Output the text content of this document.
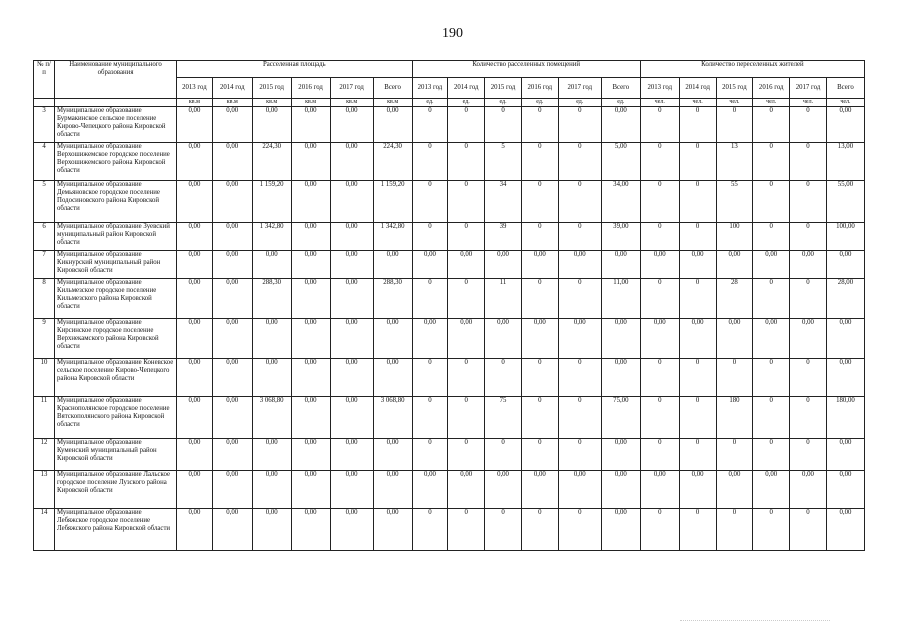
190
№ п/п	Наименование муниципального образования	Расселенная площадь						Количество расселенных помещений						Количество переселенных жителей					
		2013 год	2014 год	2015 год	2016 год	2017 год	Всего	2013 год	2014 год	2015 год	2016 год	2017 год	Всего	2013 год	2014 год	2015 год	2016 год	2017 год	Всего
		кв.м	кв.м	кв.м	кв.м	кв.м	кв.м	ед.	ед.	ед.	ед.	ед.	ед.	чел.	чел.	чел.	чел.	чел.	чел.
3	Муниципальное образование Бурмакинское сельское поселение Кирово-Чепецкого района Кировской области	0,00	0,00	0,00	0,00	0,00	0,00	0	0	0	0	0	0,00	0	0	0	0	0	0,00
4	Муниципальное образование Верхошижемское городское поселение Верхошижемского района Кировской области	0,00	0,00	224,30	0,00	0,00	224,30	0	0	5	0	0	5,00	0	0	13	0	0	13,00
5	Муниципальное образование Демьяновское городское поселение Подосиновского района Кировской области	0,00	0,00	1 159,20	0,00	0,00	1 159,20	0	0	34	0	0	34,00	0	0	55	0	0	55,00
6	Муниципальное образование Зуевский муниципальный район Кировской области	0,00	0,00	1 342,80	0,00	0,00	1 342,80	0	0	39	0	0	39,00	0	0	100	0	0	100,00
7	Муниципальное образование Кикнурский муниципальный район Кировской области	0,00	0,00	0,00	0,00	0,00	0,00	0,00	0,00	0,00	0,00	0,00	0,00	0,00	0,00	0,00	0,00	0,00	0,00
8	Муниципальное образование Кильмезское городское поселение Кильмезского района Кировской области	0,00	0,00	288,30	0,00	0,00	288,30	0	0	11	0	0	11,00	0	0	28	0	0	28,00
9	Муниципальное образование Кирсинское городское поселение Верхнекамского района Кировской области	0,00	0,00	0,00	0,00	0,00	0,00	0,00	0,00	0,00	0,00	0,00	0,00	0,00	0,00	0,00	0,00	0,00	0,00
10	Муниципальное образование Коневское сельское поселение Кирово-Чепецкого района Кировской области	0,00	0,00	0,00	0,00	0,00	0,00	0	0	0	0	0	0,00	0	0	0	0	0	0,00
11	Муниципальное образование Краснополянское городское поселение Вятскополянского района Кировской области	0,00	0,00	3 068,80	0,00	0,00	3 068,80	0	0	75	0	0	75,00	0	0	180	0	0	180,00
12	Муниципальное образование Куменский муниципальный район Кировской области	0,00	0,00	0,00	0,00	0,00	0,00	0	0	0	0	0	0,00	0	0	0	0	0	0,00
13	Муниципальное образование Лальское городское поселение Лузского района Кировской области	0,00	0,00	0,00	0,00	0,00	0,00	0,00	0,00	0,00	0,00	0,00	0,00	0,00	0,00	0,00	0,00	0,00	0,00
14	Муниципальное образование Лебяжское городское поселение Лебяжского района Кировской области	0,00	0,00	0,00	0,00	0,00	0,00	0	0	0	0	0	0,00	0	0	0	0	0	0,00
